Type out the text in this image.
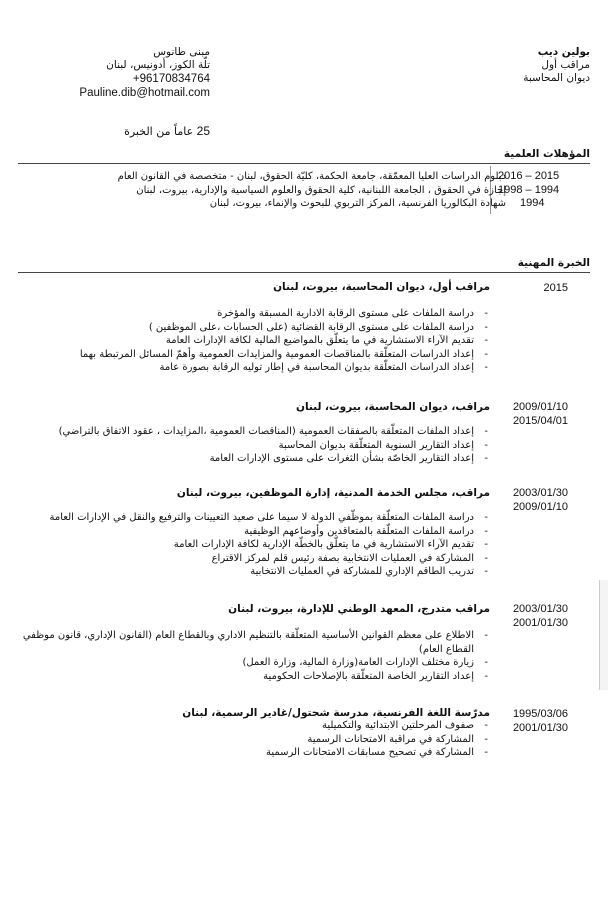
بولين ديب
مراقب أول
ديوان المحاسبة
مبنى طانوس
تلّة الكوز، أدونيس، لبنان
+96170834764
Pauline.dib@hotmail.com
25 عاماً من الخبرة
المؤهلات العلمية
2016 – 2015
1998 – 1994
1994
دبلوم الدراسات العليا المعمّقة، جامعة الحكمة، كليّة الحقوق، لبنان - متخصصة في القانون العام
إجازة في الحقوق ، الجامعة اللبنانية، كلية الحقوق والعلوم السياسية والإدارية، بيروت، لبنان
شهادة البكالوريا الفرنسية، المركز التربوي للبحوث والإنماء، بيروت، لبنان
الخبرة المهنية
2015
مراقب أول، ديوان المحاسبة، بيروت، لبنان
- دراسة الملفات على مستوى الرقابة الادارية المسبقة والمؤخرة
- دراسة الملفات على مستوى الرقابة القضائية (على الحسابات ،على الموظفين )
- تقديم الآراء الاستشارية في ما يتعلّق بالمواضيع المالية لكافة الإدارات العامة
- إعداد الدراسات المتعلّقة بالمناقصات العمومية والمزايدات العمومية وأهمّ المسائل المرتبطة بهما
- إعداد الدراسات المتعلّقة بديوان المحاسبة في إطار توليه الرقابة بصورة عامة
2009/01/10
2015/04/01
مراقب، ديوان المحاسبة، بيروت، لبنان
- إعداد الملفات المتعلّقة بالصفقات العمومية (المناقصات العمومية ،المزايدات ، عقود الاتفاق بالتراضي)
- إعداد التقارير السنوية المتعلّقة بديوان المحاسبة
- إعداد التقارير الخاصّة بشأن الثغرات على مستوى الإدارات العامة
2003/01/30
2009/01/10
مراقب، مجلس الخدمة المدنية، إدارة الموظفين، بيروت، لبنان
- دراسة الملفات المتعلّقة بموظّفي الدولة لا سيما على صعيد التعيينات والترفيع والنقل في الإدارات العامة
- دراسة الملفات المتعلّقة بالمتعاقدين وأوضاعهم الوظيفية
- تقديم الآراء الاستشارية في ما يتعلّق بالخطّة الإدارية لكافة الإدارات العامة
- المشاركة في العمليات الانتخابية بصفة رئيس قلم لمركز الاقتراع
- تدريب الطاقم الإداري للمشاركة في العمليات الانتخابية
2003/01/30
2001/01/30
مراقب متدرج، المعهد الوطني للإدارة، بيروت، لبنان
- الاطلاع على معظم القوانين الأساسية المتعلّقة بالتنظيم الاداري وبالقطاع العام (القانون الإداري، قانون موظفي القطاع العام)
- زيارة مختلف الإدارات العامة(وزارة المالية، وزارة العمل)
- إعداد التقارير الخاصة المتعلّقة بالإصلاحات الحكومية
1995/03/06
2001/01/30
مدرّسة اللغة الفرنسية، مدرسة شحتول/غادير الرسمية، لبنان
- صفوف المرحلتين الابتدائية والتكميلية
- المشاركة في مراقبة الامتحانات الرسمية
- المشاركة في تصحيح مسابقات الامتحانات الرسمية
